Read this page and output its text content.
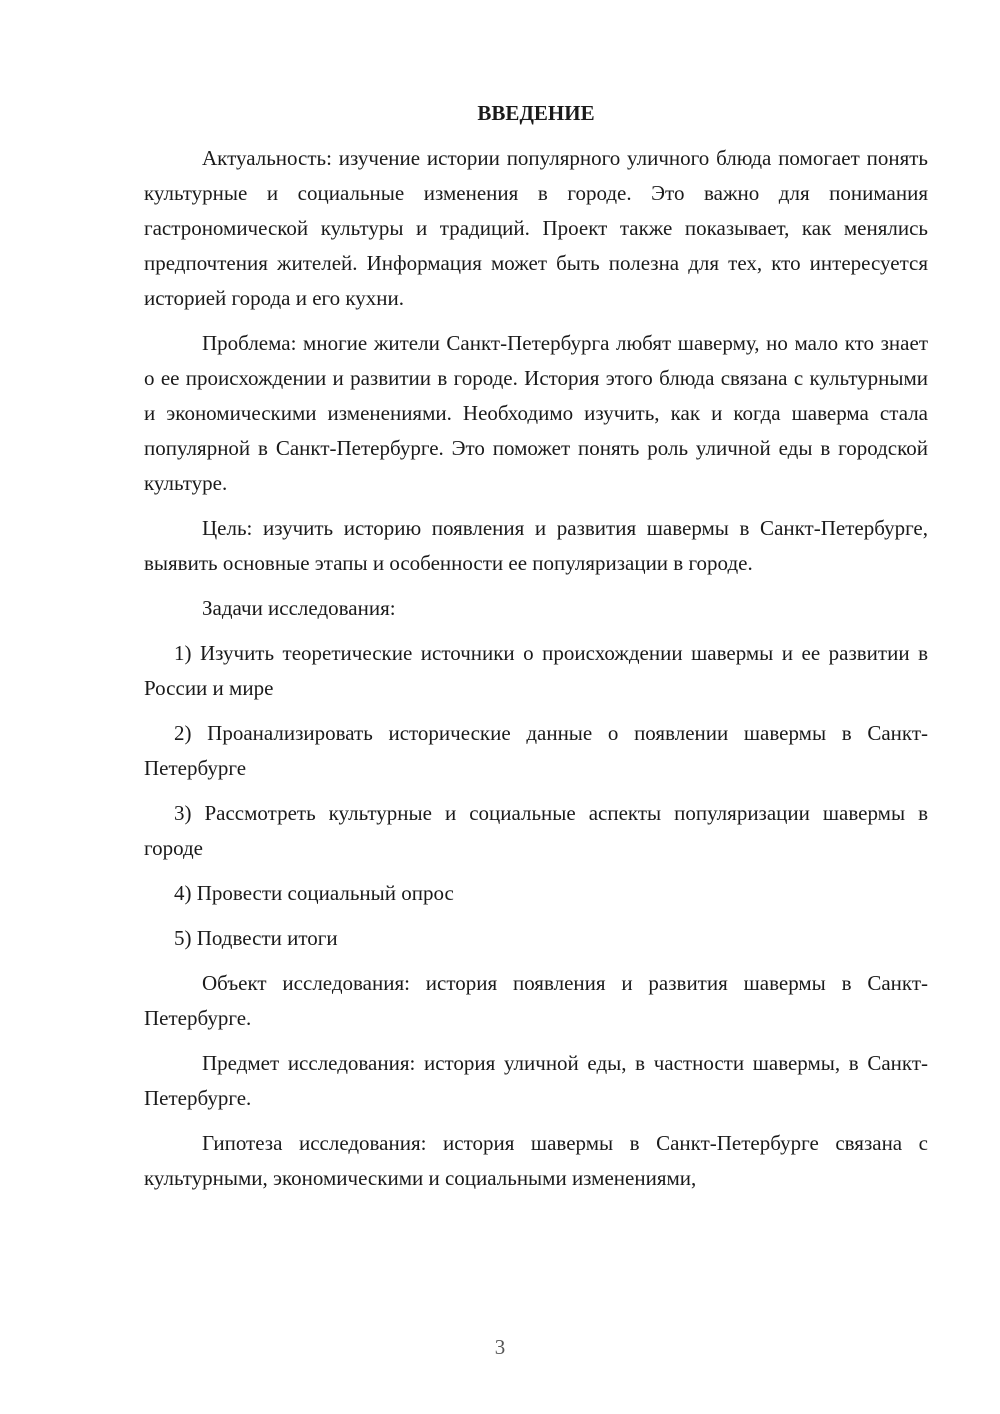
ВВЕДЕНИЕ

Актуальность: изучение истории популярного уличного блюда помогает понять культурные и социальные изменения в городе. Это важно для понимания гастрономической культуры и традиций. Проект также показывает, как менялись предпочтения жителей. Информация может быть полезна для тех, кто интересуется историей города и его кухни.

Проблема: многие жители Санкт-Петербурга любят шаверму, но мало кто знает о ее происхождении и развитии в городе. История этого блюда связана с культурными и экономическими изменениями. Необходимо изучить, как и когда шаверма стала популярной в Санкт-Петербурге. Это поможет понять роль уличной еды в городской культуре.

Цель: изучить историю появления и развития шавермы в Санкт-Петербурге, выявить основные этапы и особенности ее популяризации в городе.

Задачи исследования:

1) Изучить теоретические источники о происхождении шавермы и ее развитии в России и мире

2) Проанализировать исторические данные о появлении шавермы в Санкт-Петербурге

3) Рассмотреть культурные и социальные аспекты популяризации шавермы в городе

4) Провести социальный опрос

5) Подвести итоги

Объект исследования: история появления и развития шавермы в Санкт-Петербурге.

Предмет исследования: история уличной еды, в частности шавермы, в Санкт-Петербурге.

Гипотеза исследования: история шавермы в Санкт-Петербурге связана с культурными, экономическими и социальными изменениями,

3
